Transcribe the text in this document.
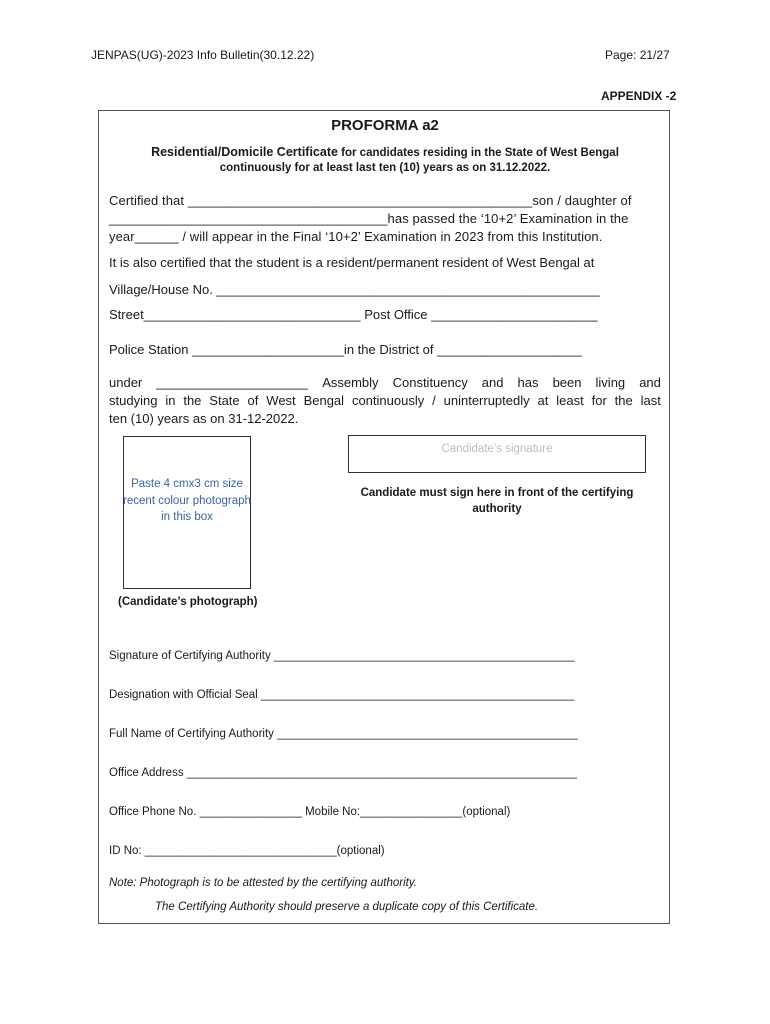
JENPAS(UG)-2023 Info Bulletin(30.12.22)	Page: 21/27
APPENDIX -2
PROFORMA a2
Residential/Domicile Certificate for candidates residing in the State of West Bengal
continuously for at least last ten (10) years as on 31.12.2022.
Certified that _______________________________________________son / daughter of
______________________________________has passed the ‘10+2’ Examination in the
year______ / will appear in the Final ‘10+2’ Examination in 2023 from this Institution.
It is also certified that the student is a resident/permanent resident of West Bengal at
Village/House No. _____________________________________________________
Street______________________________ Post Office _______________________
Police Station _____________________in the District of ____________________
under _____________________ Assembly Constituency and has been living and
studying in the State of West Bengal continuously / uninterruptedly at least for the last
ten (10) years as on 31-12-2022.
Paste 4 cmx3 cm size recent colour photograph in this box
(Candidate’s photograph)
Candidate’s signature
Candidate must sign here in front of the certifying authority
Signature of Certifying Authority _______________________________________________
Designation with Official Seal _________________________________________________
Full Name of Certifying Authority _______________________________________________
Office Address _____________________________________________________________
Office Phone No. ________________ Mobile No:________________(optional)
ID No: ______________________________(optional)
Note: Photograph is to be attested by the certifying authority.
The Certifying Authority should preserve a duplicate copy of this Certificate.
